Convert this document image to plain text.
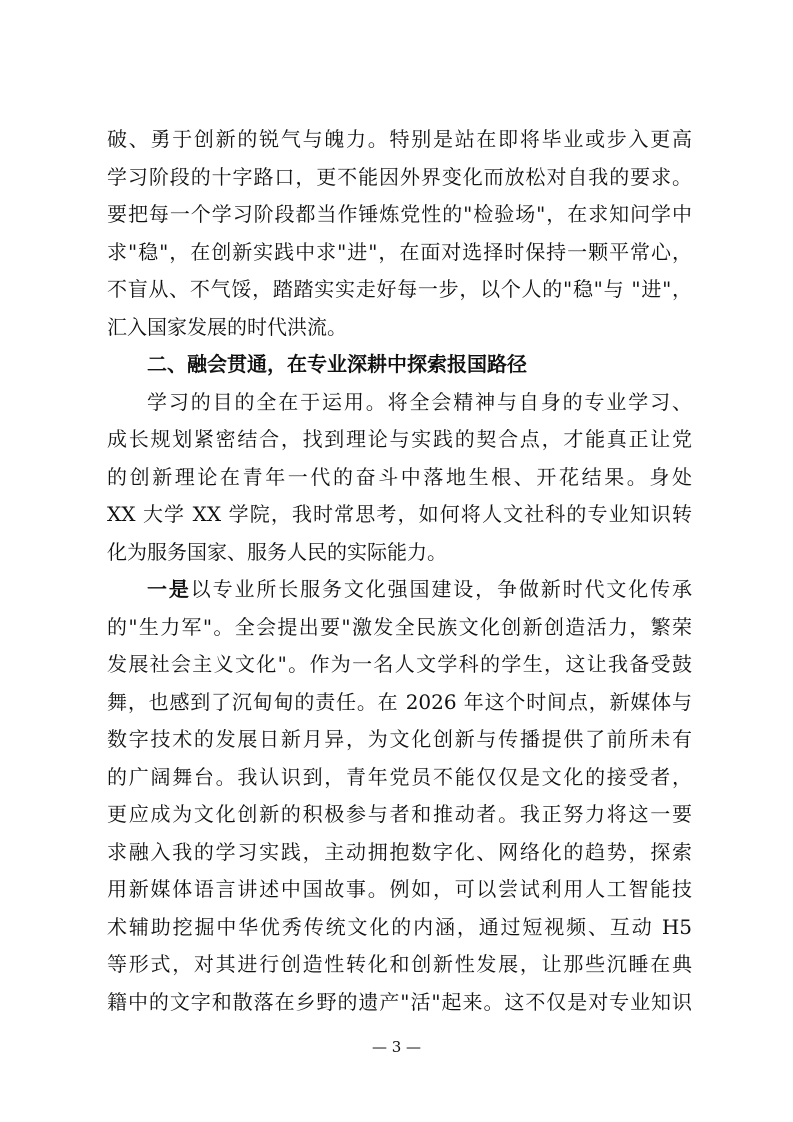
破、勇于创新的锐气与魄力。特别是站在即将毕业或步入更高
学习阶段的十字路口，更不能因外界变化而放松对自我的要求。
要把每一个学习阶段都当作锤炼党性的"检验场"，在求知问学中
求"稳"，在创新实践中求"进"，在面对选择时保持一颗平常心，
不盲从、不气馁，踏踏实实走好每一步，以个人的"稳"与 "进"，
汇入国家发展的时代洪流。
二、融会贯通，在专业深耕中探索报国路径
学习的目的全在于运用。将全会精神与自身的专业学习、
成长规划紧密结合，找到理论与实践的契合点，才能真正让党
的创新理论在青年一代的奋斗中落地生根、开花结果。身处
XX 大学 XX 学院，我时常思考，如何将人文社科的专业知识转
化为服务国家、服务人民的实际能力。
一是以专业所长服务文化强国建设，争做新时代文化传承
的"生力军"。全会提出要"激发全民族文化创新创造活力，繁荣
发展社会主义文化"。作为一名人文学科的学生，这让我备受鼓
舞，也感到了沉甸甸的责任。在 2026 年这个时间点，新媒体与
数字技术的发展日新月异，为文化创新与传播提供了前所未有
的广阔舞台。我认识到，青年党员不能仅仅是文化的接受者，
更应成为文化创新的积极参与者和推动者。我正努力将这一要
求融入我的学习实践，主动拥抱数字化、网络化的趋势，探索
用新媒体语言讲述中国故事。例如，可以尝试利用人工智能技
术辅助挖掘中华优秀传统文化的内涵，通过短视频、互动 H5
等形式，对其进行创造性转化和创新性发展，让那些沉睡在典
籍中的文字和散落在乡野的遗产"活"起来。这不仅是对专业知识
— 3 —
